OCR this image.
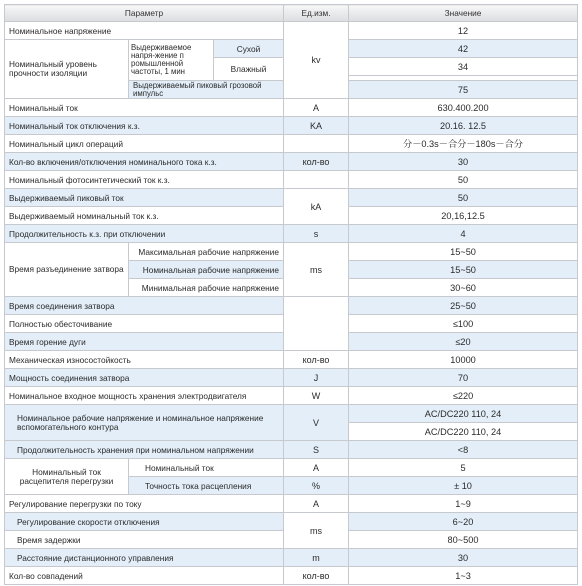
Параметр			Ед.изм.	Значение
Номинальное напряжение			kv	12
Номинальный уровень прочности изоляции	Выдерживаемое напря-жение п ромышленной частоты, 1 мин	Сухой		42
		Влажный		34

	Выдерживаемый пиковый грозовой импульс			75
Номинальный ток			A	630.400.200
Номинальный ток отключения к.з.			KA	20.16. 12.5
Номинальный цикл операций				分－0.3s－合分－180s－合分
Кол-во включения/отключения номинального тока к.з.			кол-во	30
Номинальный фотосинтетический ток к.з.				50
Выдерживаемый пиковый ток			kA	50
Выдерживаемый номинальный ток к.з.				20,16,12.5
Продолжительность к.з. при отключении			s	4
Время разъединение затвора	Максимальная рабочие напряжение		ms	15~50
	Номинальная рабочие напряжение			15~50
	Минимальная рабочие напряжение			30~60
Время соединения затвора				25~50
Полностью обесточивание				≤100
Время горение дуги				≤20
Механическая износостойкость			кол-во	10000
Мощность соединения затвора			J	70
Номинальное входное мощность хранения электродвигателя			W	≤220
Номинальное рабочие напряжение и номинальное напряжение вспомогательного контура			V	AC/DC220 110, 24
				AC/DC220 110, 24
Продолжительность хранения при номинальном напряжении			S	<8
Номинальный ток расцепителя перегрузки	Номинальный ток		A	5
	Точность тока расцепления		%	± 10
Регулирование перегрузки по току			A	1~9
Регулирование скорости отключения			ms	6~20
Время задержки				80~500
Расстояние дистанционного управления			m	30
Кол-во совпадений			кол-во	1~3
